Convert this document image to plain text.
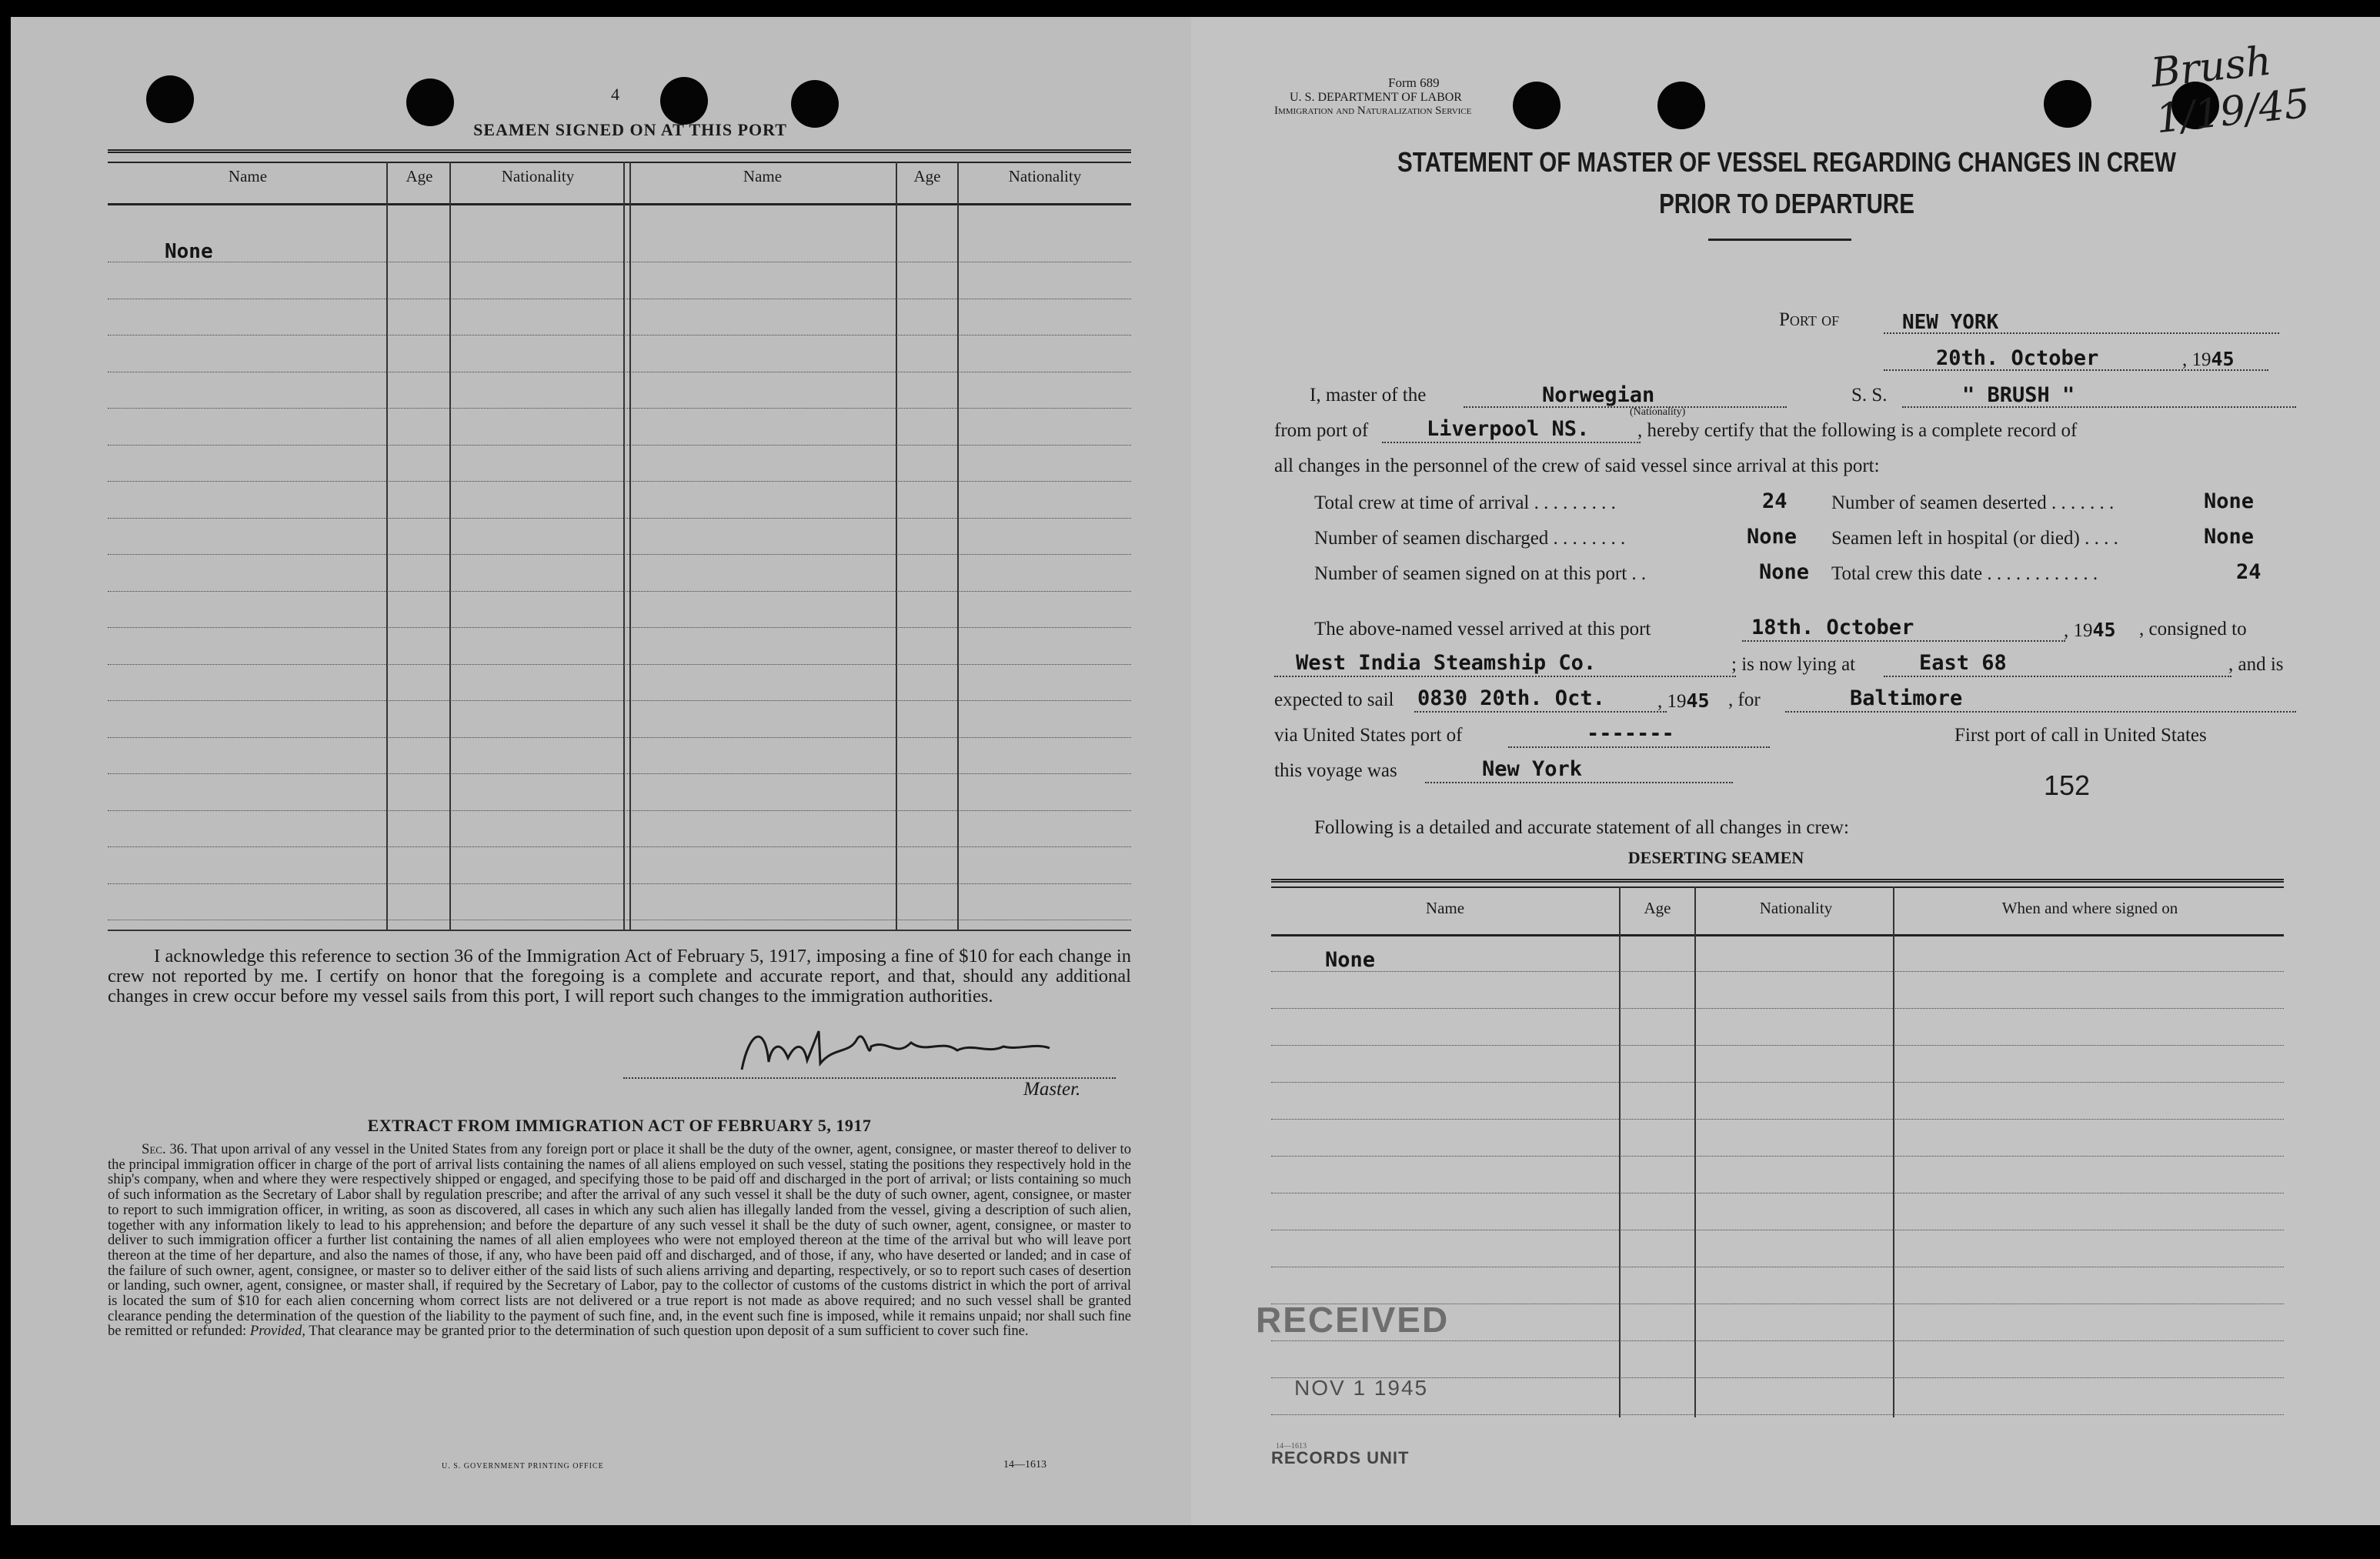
4
SEAMEN SIGNED ON AT THIS PORT
Name	Age	Nationality	Name	Age	Nationality
None
I acknowledge this reference to section 36 of the Immigration Act of February 5, 1917, imposing a fine of $10 for each change in crew not reported by me. I certify on honor that the foregoing is a complete and accurate report, and that, should any additional changes in crew occur before my vessel sails from this port, I will report such changes to the immigration authorities.
Master.
EXTRACT FROM IMMIGRATION ACT OF FEBRUARY 5, 1917
Sec. 36. That upon arrival of any vessel in the United States from any foreign port or place it shall be the duty of the owner, agent, consignee, or master thereof to deliver to the principal immigration officer in charge of the port of arrival lists containing the names of all aliens employed on such vessel, stating the positions they respectively hold in the ship's company, when and where they were respectively shipped or engaged, and specifying those to be paid off and discharged in the port of arrival; or lists containing so much of such information as the Secretary of Labor shall by regulation prescribe; and after the arrival of any such vessel it shall be the duty of such owner, agent, consignee, or master to report to such immigration officer, in writing, as soon as discovered, all cases in which any such alien has illegally landed from the vessel, giving a description of such alien, together with any information likely to lead to his apprehension; and before the departure of any such vessel it shall be the duty of such owner, agent, consignee, or master to deliver to such immigration officer a further list containing the names of all alien employees who were not employed thereon at the time of the arrival but who will leave port thereon at the time of her departure, and also the names of those, if any, who have been paid off and discharged, and of those, if any, who have deserted or landed; and in case of the failure of such owner, agent, consignee, or master so to deliver either of the said lists of such aliens arriving and departing, respectively, or so to report such cases of desertion or landing, such owner, agent, consignee, or master shall, if required by the Secretary of Labor, pay to the collector of customs of the customs district in which the port of arrival is located the sum of $10 for each alien concerning whom correct lists are not delivered or a true report is not made as above required; and no such vessel shall be granted clearance pending the determination of the question of the liability to the payment of such fine, and, in the event such fine is imposed, while it remains unpaid; nor shall such fine be remitted or refunded: Provided, That clearance may be granted prior to the determination of such question upon deposit of a sum sufficient to cover such fine.
U. S. GOVERNMENT PRINTING OFFICE	14—1613
Brush 1/19/45
Form 689
U. S. DEPARTMENT OF LABOR
Immigration and Naturalization Service
STATEMENT OF MASTER OF VESSEL REGARDING CHANGES IN CREW
PRIOR TO DEPARTURE
Port of	NEW YORK
20th. October	, 1945
I, master of the	Norwegian
(Nationality)
S. S.	" BRUSH "
from port of	Liverpool NS.	, hereby certify that the following is a complete record of
all changes in the personnel of the crew of said vessel since arrival at this port:
Total crew at time of arrival . . . . . . . . .	24 Number of seamen deserted . . . . . . .	None
Number of seamen discharged . . . . . . . .	None Seamen left in hospital (or died) . . . .	None
Number of seamen signed on at this port . .	None Total crew this date . . . . . . . . . . . .	24
The above-named vessel arrived at this port	18th. October	, 1945 , consigned to
West India Steamship Co.	; is now lying at	East 68	, and is
expected to sail 0830 20th. Oct.	, 1945 , for	Baltimore
via United States port of	-------	First port of call in United States
this voyage was	New York
152
Following is a detailed and accurate statement of all changes in crew:
DESERTING SEAMEN
Name	Age	Nationality	When and where signed on
None
RECEIVED
NOV 1 1945
RECORDS UNIT
14—1613
